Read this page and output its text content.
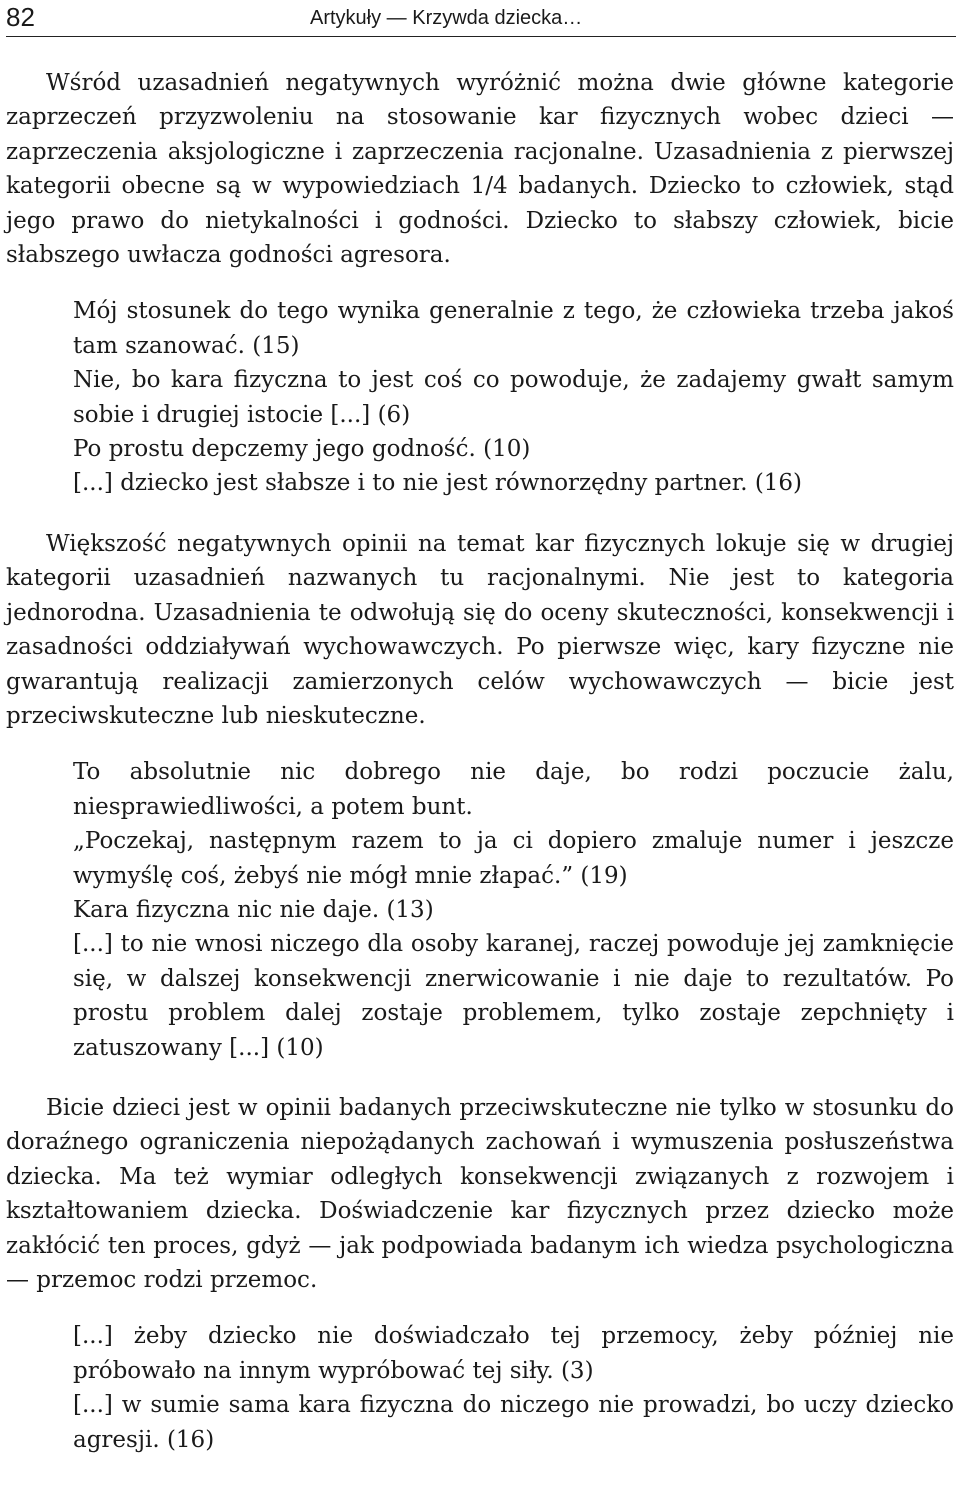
82	Artykuły — Krzywda dziecka…

Wśród uzasadnień negatywnych wyróżnić można dwie główne kategorie zaprzeczeń przyzwoleniu na stosowanie kar fizycznych wobec dzieci — zaprzeczenia aksjologiczne i zaprzeczenia racjonalne. Uzasadnienia z pierwszej kategorii obecne są w wypowiedziach 1/4 badanych. Dziecko to człowiek, stąd jego prawo do nietykalności i godności. Dziecko to słabszy człowiek, bicie słabszego uwłacza godności agresora.

Mój stosunek do tego wynika generalnie z tego, że człowieka trzeba jakoś tam szanować. (15)

Nie, bo kara fizyczna to jest coś co powoduje, że zadajemy gwałt samym sobie i drugiej istocie [...] (6)

Po prostu depczemy jego godność. (10)

[...] dziecko jest słabsze i to nie jest równorzędny partner. (16)

Większość negatywnych opinii na temat kar fizycznych lokuje się w drugiej kategorii uzasadnień nazwanych tu racjonalnymi. Nie jest to kategoria jednorodna. Uzasadnienia te odwołują się do oceny skuteczności, konsekwencji i zasadności oddziaływań wychowawczych. Po pierwsze więc, kary fizyczne nie gwarantują realizacji zamierzonych celów wychowawczych — bicie jest przeciwskuteczne lub nieskuteczne.

To absolutnie nic dobrego nie daje, bo rodzi poczucie żalu, niesprawiedliwości, a potem bunt.

„Poczekaj, następnym razem to ja ci dopiero zmaluje numer i jeszcze wymyślę coś, żebyś nie mógł mnie złapać.” (19)

Kara fizyczna nic nie daje. (13)

[...] to nie wnosi niczego dla osoby karanej, raczej powoduje jej zamknięcie się, w dalszej konsekwencji znerwicowanie i nie daje to rezultatów. Po prostu problem dalej zostaje problemem, tylko zostaje zepchnięty i zatuszowany [...] (10)

Bicie dzieci jest w opinii badanych przeciwskuteczne nie tylko w stosunku do doraźnego ograniczenia niepożądanych zachowań i wymuszenia posłuszeństwa dziecka. Ma też wymiar odległych konsekwencji związanych z rozwojem i kształtowaniem dziecka. Doświadczenie kar fizycznych przez dziecko może zakłócić ten proces, gdyż — jak podpowiada badanym ich wiedza psychologiczna — przemoc rodzi przemoc.

[...] żeby dziecko nie doświadczało tej przemocy, żeby później nie próbowało na innym wypróbować tej siły. (3)

[...] w sumie sama kara fizyczna do niczego nie prowadzi, bo uczy dziecko agresji. (16)
